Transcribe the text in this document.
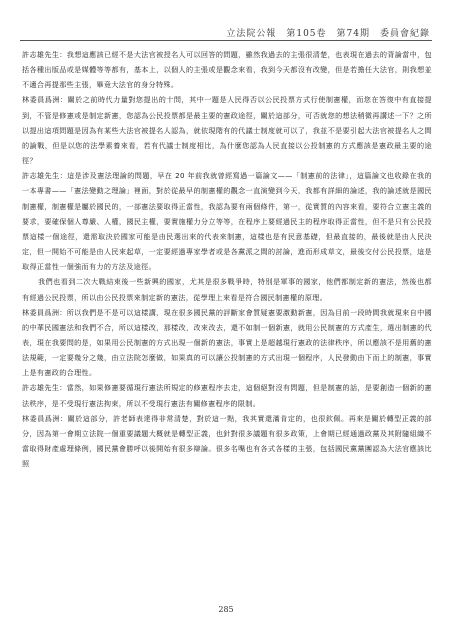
立法院公報　第105卷　第74期　委員會紀錄

許志雄先生：我想這應該已經不是大法官被授名人可以回答的問題，雖然我過去的主張很清楚，也表現在過去的背論當中，包括各種出版品或是媒體等等都有，基本上，以個人的主張或是觀念來看，我到今天都沒有改變，但是若擔任大法官，則我想並不適合再提那些主張，畢竟大法官的身分特殊。

林委員爲洲：關於之前時代力量對您提出的十問，其中一題是人民得否以公民投票方式行使制憲權，而您在答復中有直接提到，不管是修憲或是制定新憲，您認為公民投票都是最主要的憲政途徑，關於這部分，可否就您的想法稍微再講述一下？之所以提出這項問題是因為有某些大法官被提名人認為，就依現階有的代議士制度就可以了，我並不是要引起大法官被提名人之間的論戰，但是以您的法學素養來看，若有代議士制度相比，為什麼您認為人民直接以公投制憲的方式應該是憲政最主要的途徑？

許志雄先生：這是涉及憲法理論的問題，早在 20 年前我就曾經寫過一篇論文——「制憲前的法律」，這篇論文也收錄在我的一本專書——「憲法變動之理論」裡面，對於從最早的制憲權的觀念一直演變到今天，我都有詳細的論述，我的論述就是國民制憲權，制憲權是屬於國民的，一部憲法要取得正當性，我認為要有兩個條件，第一，從實質的內容來看，要符合立憲主義的要求，要確保個人尊嚴、人權，國民主權，要實施權力分立等等，在程序上要經過民主的程序取得正當性，但不是只有公民投票這樣一個途徑，還需取決於國家可能是由民選出來的代表來制憲，這樣也是有民意基礎，但最直接的，最後就是由人民決定，但一開始不可能是由人民來起草，一定要經過專家學者或是各黨派之間的討論，進而形成草文，最後交付公民投票，這是取得正當性一個強而有力的方法及途徑。

我們也看到二次大戰結束後一些新興的國家，尤其是很多戰爭時，特別是軍事的國家，他們都制定新的憲法，然後也都有經過公民投票，所以由公民投票來制定新的憲法，從學理上來看是符合國民制憲權的原理。

林委員爲洲：所以我們是不是可以這樣講，現在很多國民黨的評斷家會質疑憲要激動新憲，因為目前一段時間我就現來自中國的中華民國憲法和我們不合，所以這樣改，那樣改，改來改去，還不如制一個新憲，就用公民制憲的方式產生，選出制憲的代表，現在我要問的是，如果用公民制憲的方式出現一個新的憲法，事實上是超越現行憲政的法律秩序，所以應該不是用舊的憲法規範，一定要幾分之幾，由立法院怎麼做，如果真的可以讓公投制憲的方式出現一個程序，人民發動由下而上的制憲，事實上是有憲政的合理性。

許志雄先生：當然，如果修憲要循現行憲法所規定的修憲程序去走，這個絕對沒有問題，但是制憲的話，是要創造一個新的憲法秩序，是不受現行憲法拘束，所以不受現行憲法有關修憲程序的限制。

林委員爲洲：關於這部分，許老師表達得非常清楚，對於這一點，我其實還滿肯定的，也很欽佩。再來是關於轉型正義的部分，因為第一會期立法院一個重要議題大概就是轉型正義，也針對很多議題有很多政策，上會期已經通過政黨及其附隨組織不當取得財產處理條例，國民黨會勝呼以後開始有很多辯論。很多名嘴也有各式各樣的主張，包括國民黨黨團認為大法官應該比照

285
